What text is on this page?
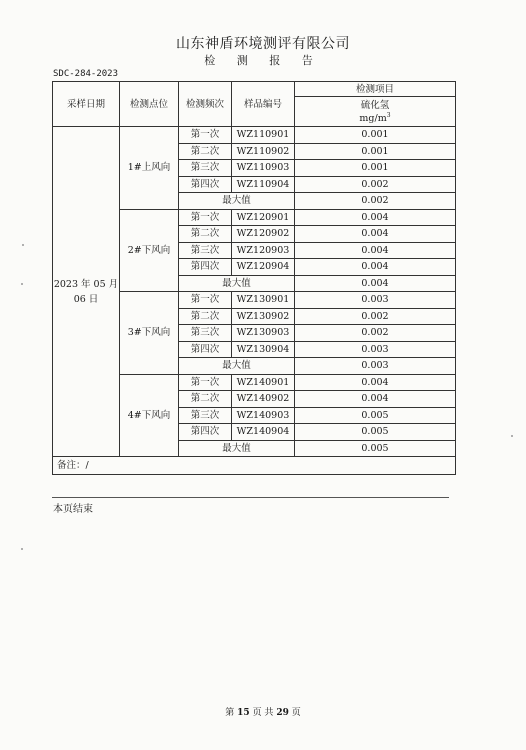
山东神盾环境测评有限公司
检 测 报 告
SDC-284-2023
采样日期	检测点位	检测频次	样品编号	检测项目

				硫化氢
$mg/m^3$

2023 年 05 月 06 日	1#上风向	第一次	WZ110901	0.001
		第二次	WZ110902	0.001
		第三次	WZ110903	0.001
		第四次	WZ110904	0.002
		最大值		0.002
	2#下风向	第一次	WZ120901	0.004
		第二次	WZ120902	0.004
		第三次	WZ120903	0.004
		第四次	WZ120904	0.004
		最大值		0.004
	3#下风向	第一次	WZ130901	0.003
		第二次	WZ130902	0.002
		第三次	WZ130903	0.002
		第四次	WZ130904	0.003
		最大值		0.003
	4#下风向	第一次	WZ140901	0.004
		第二次	WZ140902	0.004
		第三次	WZ140903	0.005
		第四次	WZ140904	0.005
		最大值		0.005
备注：/				
本页结束
第 15 页 共 29 页
